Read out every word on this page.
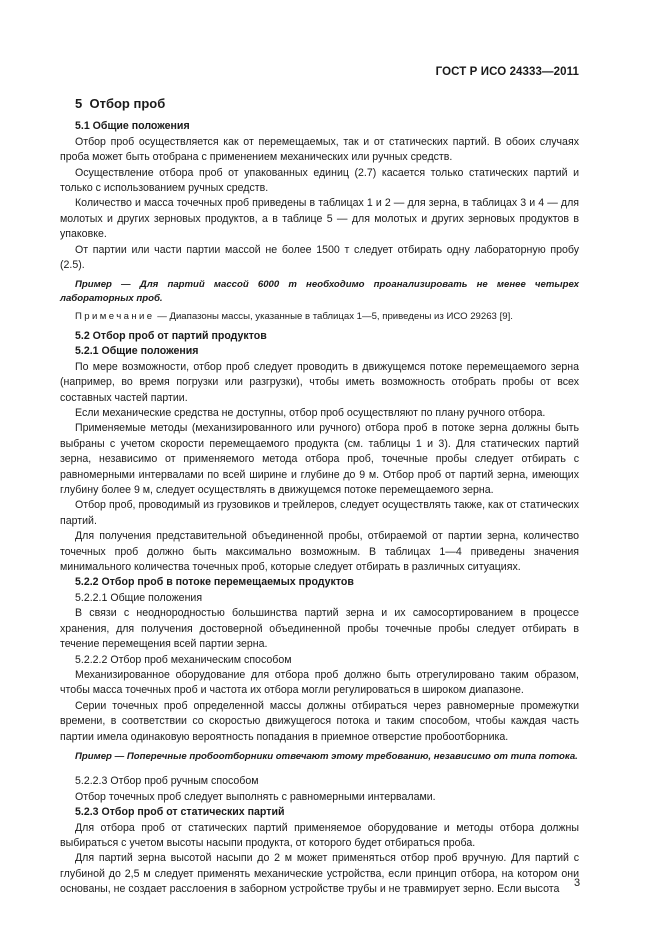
ГОСТ Р ИСО 24333—2011
5 Отбор проб
5.1 Общие положения

Отбор проб осуществляется как от перемещаемых, так и от статических партий. В обоих случаях проба может быть отобрана с применением механических или ручных средств.

Осуществление отбора проб от упакованных единиц (2.7) касается только статических партий и только с использованием ручных средств.

Количество и масса точечных проб приведены в таблицах 1 и 2 — для зерна, в таблицах 3 и 4 — для молотых и других зерновых продуктов, а в таблице 5 — для молотых и других зерновых продуктов в упаковке.

От партии или части партии массой не более 1500 т следует отбирать одну лабораторную пробу (2.5).

Пример — Для партий массой 6000 т необходимо проанализировать не менее четырех лабораторных проб.

Примечание — Диапазоны массы, указанные в таблицах 1—5, приведены из ИСО 29263 [9].

5.2 Отбор проб от партий продуктов
5.2.1 Общие положения

По мере возможности, отбор проб следует проводить в движущемся потоке перемещаемого зерна (например, во время погрузки или разгрузки), чтобы иметь возможность отобрать пробы от всех составных частей партии.

Если механические средства не доступны, отбор проб осуществляют по плану ручного отбора.

Применяемые методы (механизированного или ручного) отбора проб в потоке зерна должны быть выбраны с учетом скорости перемещаемого продукта (см. таблицы 1 и 3). Для статических партий зерна, независимо от применяемого метода отбора проб, точечные пробы следует отбирать с равномерными интервалами по всей ширине и глубине до 9 м. Отбор проб от партий зерна, имеющих глубину более 9 м, следует осуществлять в движущемся потоке перемещаемого зерна.

Отбор проб, проводимый из грузовиков и трейлеров, следует осуществлять также, как от статических партий.

Для получения представительной объединенной пробы, отбираемой от партии зерна, количество точечных проб должно быть максимально возможным. В таблицах 1—4 приведены значения минимального количества точечных проб, которые следует отбирать в различных ситуациях.

5.2.2 Отбор проб в потоке перемещаемых продуктов
5.2.2.1 Общие положения

В связи с неоднородностью большинства партий зерна и их самосортированием в процессе хранения, для получения достоверной объединенной пробы точечные пробы следует отбирать в течение перемещения всей партии зерна.

5.2.2.2 Отбор проб механическим способом

Механизированное оборудование для отбора проб должно быть отрегулировано таким образом, чтобы масса точечных проб и частота их отбора могли регулироваться в широком диапазоне.

Серии точечных проб определенной массы должны отбираться через равномерные промежутки времени, в соответствии со скоростью движущегося потока и таким способом, чтобы каждая часть партии имела одинаковую вероятность попадания в приемное отверстие пробоотборника.

Пример — Поперечные пробоотборники отвечают этому требованию, независимо от типа потока.

5.2.2.3 Отбор проб ручным способом

Отбор точечных проб следует выполнять с равномерными интервалами.

5.2.3 Отбор проб от статических партий

Для отбора проб от статических партий применяемое оборудование и методы отбора должны выбираться с учетом высоты насыпи продукта, от которого будет отбираться проба.

Для партий зерна высотой насыпи до 2 м может применяться отбор проб вручную. Для партий с глубиной до 2,5 м следует применять механические устройства, если принцип отбора, на котором они основаны, не создает расслоения в заборном устройстве трубы и не травмирует зерно. Если высота

3
